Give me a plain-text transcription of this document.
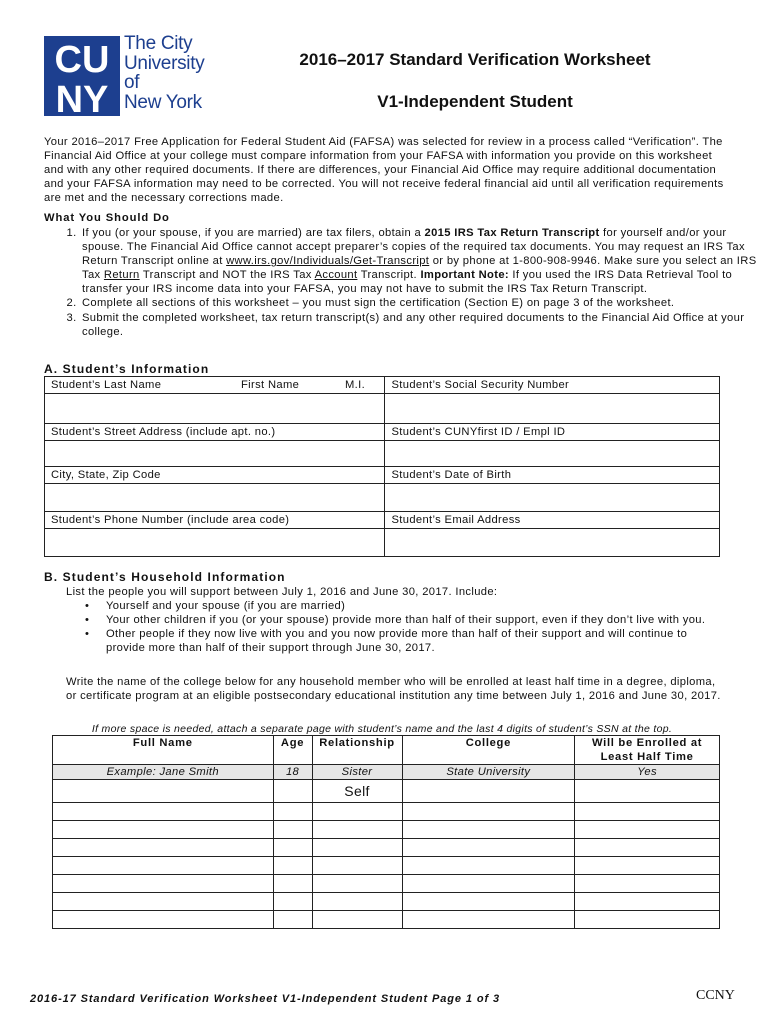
CU
NY
The City
University
of
New York
2016–2017 Standard Verification Worksheet
V1-Independent Student
Your 2016–2017 Free Application for Federal Student Aid (FAFSA) was selected for review in a process called “Verification”. The Financial Aid Office at your college must compare information from your FAFSA with information you provide on this worksheet and with any other required documents. If there are differences, your Financial Aid Office may require additional documentation and your FAFSA information may need to be corrected. You will not receive federal financial aid until all verification requirements are met and the necessary corrections made.
What You Should Do
1. If you (or your spouse, if you are married) are tax filers, obtain a 2015 IRS Tax Return Transcript for yourself and/or your spouse. The Financial Aid Office cannot accept preparer’s copies of the required tax documents. You may request an IRS Tax Return Transcript online at www.irs.gov/Individuals/Get-Transcript or by phone at 1-800-908-9946. Make sure you select an IRS Tax Return Transcript and NOT the IRS Tax Account Transcript. Important Note: If you used the IRS Data Retrieval Tool to transfer your IRS income data into your FAFSA, you may not have to submit the IRS Tax Return Transcript.
2. Complete all sections of this worksheet – you must sign the certification (Section E) on page 3 of the worksheet.
3. Submit the completed worksheet, tax return transcript(s) and any other required documents to the Financial Aid Office at your college.
A. Student’s Information
Student’s Last Name First Name M.I.	Student’s Social Security Number

Student’s Street Address (include apt. no.)	Student’s CUNYfirst ID / Empl ID

City, State, Zip Code	Student’s Date of Birth

Student’s Phone Number (include area code)	Student’s Email Address

B. Student’s Household Information
List the people you will support between July 1, 2016 and June 30, 2017. Include:
• Yourself and your spouse (if you are married)
• Your other children if you (or your spouse) provide more than half of their support, even if they don’t live with you.
• Other people if they now live with you and you now provide more than half of their support and will continue to provide more than half of their support through June 30, 2017.
Write the name of the college below for any household member who will be enrolled at least half time in a degree, diploma, or certificate program at an eligible postsecondary educational institution any time between July 1, 2016 and June 30, 2017.
If more space is needed, attach a separate page with student’s name and the last 4 digits of student’s SSN at the top.
Full Name	Age	Relationship	College	Will be Enrolled at Least Half Time
Example: Jane Smith	18	Sister	State University	Yes
		Self		

2016-17 Standard Verification Worksheet V1-Independent Student Page 1 of 3	CCNY
